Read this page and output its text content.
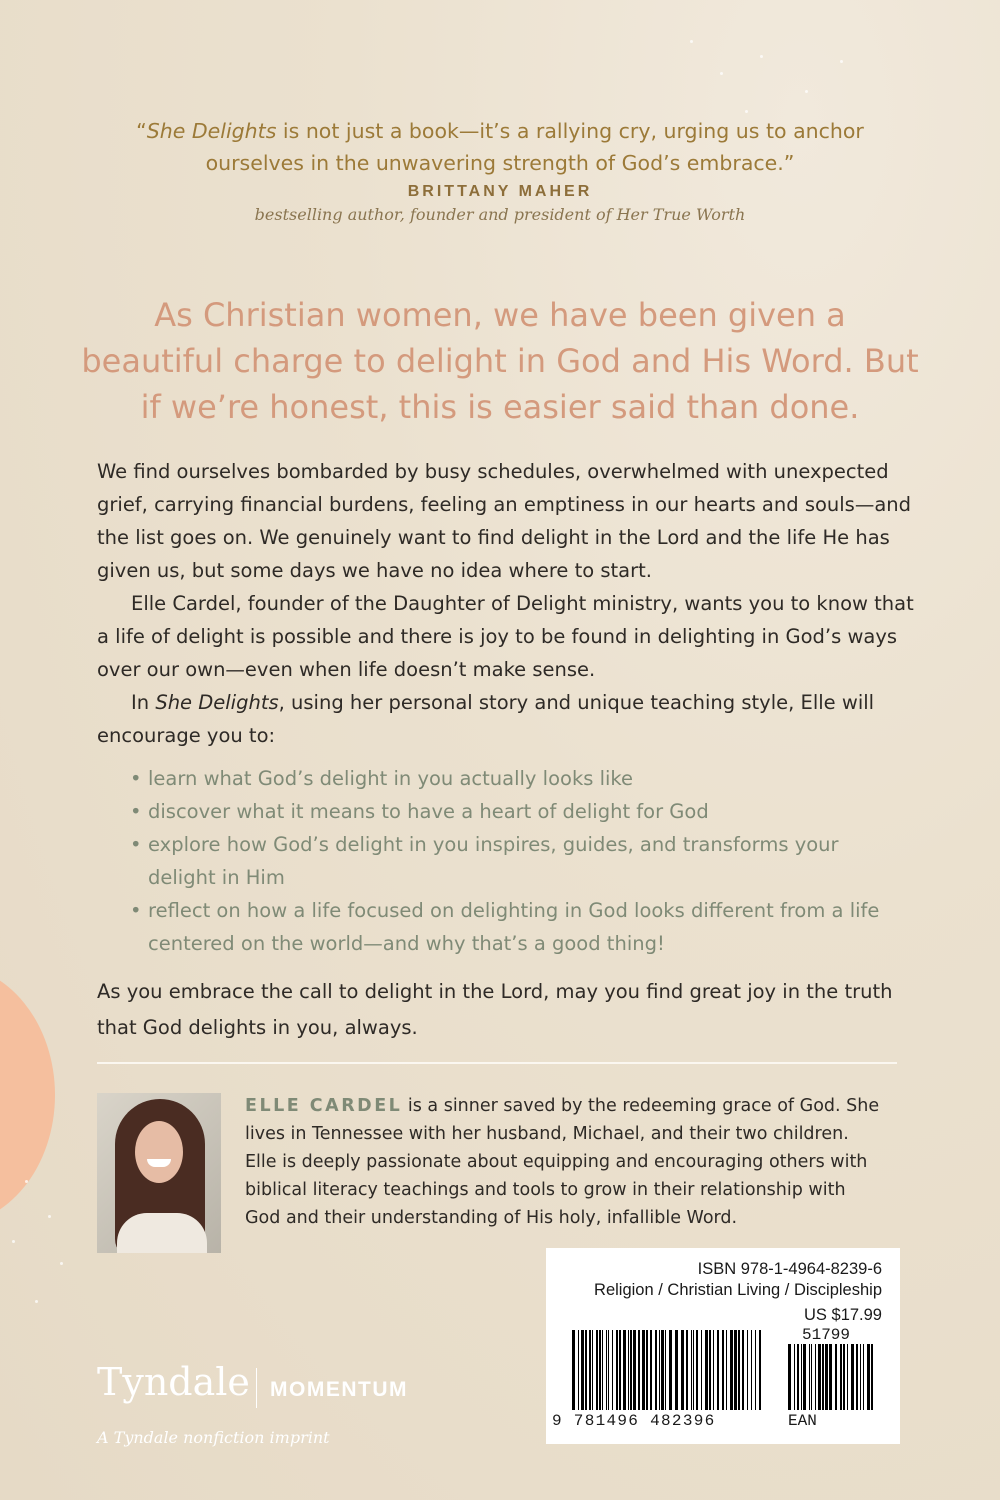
“She Delights is not just a book—it’s a rallying cry, urging us to anchor ourselves in the unwavering strength of God’s embrace.”

BRITTANY MAHER
bestselling author, founder and president of Her True Worth

As Christian women, we have been given a beautiful charge to delight in God and His Word. But if we’re honest, this is easier said than done.

We find ourselves bombarded by busy schedules, overwhelmed with unexpected grief, carrying financial burdens, feeling an emptiness in our hearts and souls—and the list goes on. We genuinely want to find delight in the Lord and the life He has given us, but some days we have no idea where to start.

Elle Cardel, founder of the Daughter of Delight ministry, wants you to know that a life of delight is possible and there is joy to be found in delighting in God’s ways over our own—even when life doesn’t make sense.

In She Delights, using her personal story and unique teaching style, Elle will encourage you to:

• learn what God’s delight in you actually looks like
• discover what it means to have a heart of delight for God
• explore how God’s delight in you inspires, guides, and transforms your delight in Him
• reflect on how a life focused on delighting in God looks different from a life centered on the world—and why that’s a good thing!

As you embrace the call to delight in the Lord, may you find great joy in the truth that God delights in you, always.

ELLE CARDEL is a sinner saved by the redeeming grace of God. She lives in Tennessee with her husband, Michael, and their two children. Elle is deeply passionate about equipping and encouraging others with biblical literacy teachings and tools to grow in their relationship with God and their understanding of His holy, infallible Word.

ISBN 978-1-4964-8239-6
Religion / Christian Living / Discipleship
US $17.99
51799
9 781496 482396	EAN
Tyndale MOMENTUM
A Tyndale nonfiction imprint
